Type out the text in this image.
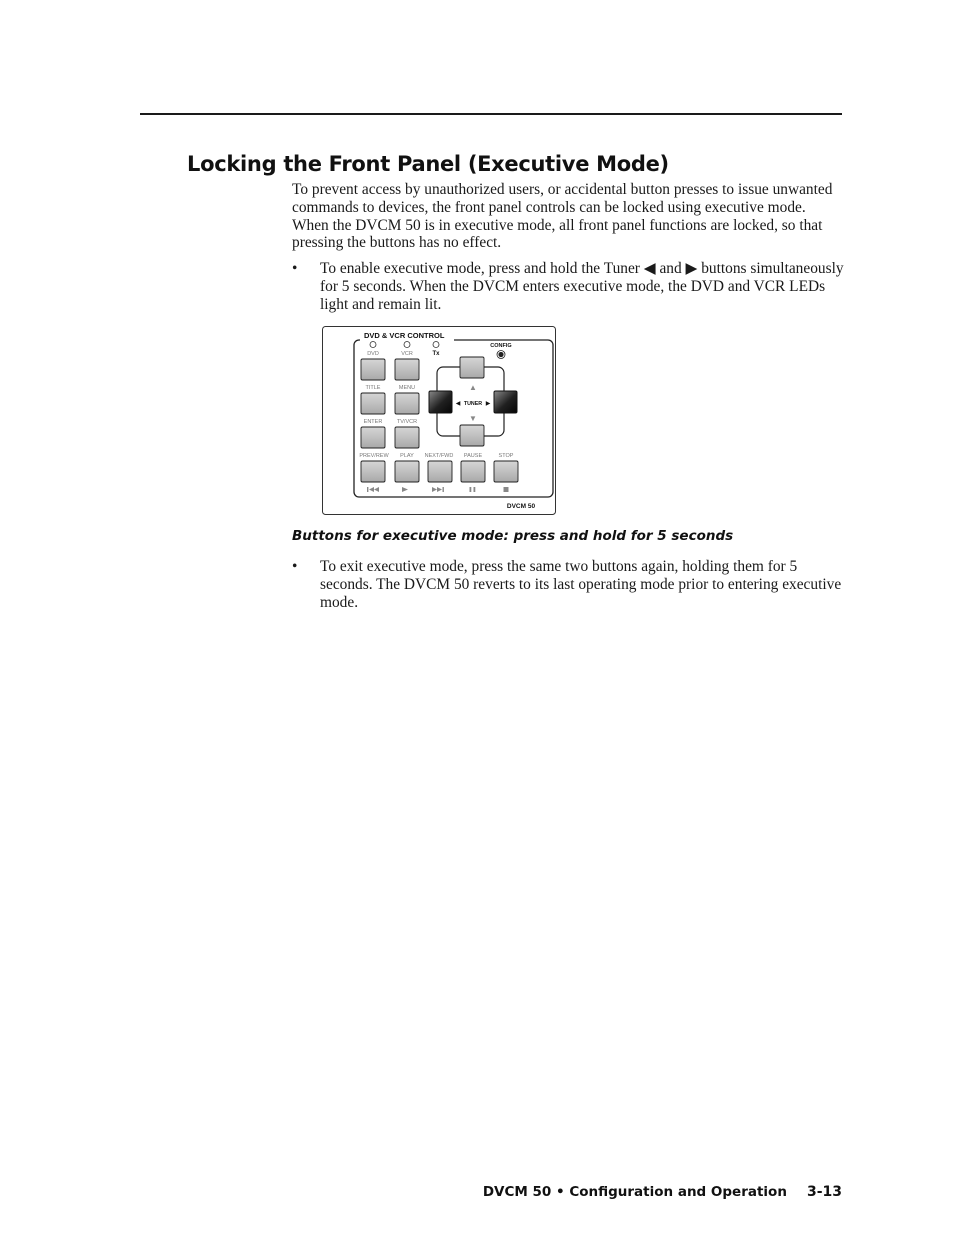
Locking the Front Panel (Executive Mode)

To prevent access by unauthorized users, or accidental button presses to issue unwanted commands to devices, the front panel controls can be locked using executive mode. When the DVCM 50 is in executive mode, all front panel functions are locked, so that pressing the buttons has no effect.

• To enable executive mode, press and hold the Tuner ◀ and ▶ buttons simultaneously for 5 seconds. When the DVCM enters executive mode, the DVD and VCR LEDs light and remain lit.
DVD & VCR CONTROL
DVD	VCR	Tx
CONFIG
TITLE	MENU
ENTER	TV/VCR
▲
◀ TUNER ▶
▼
PREV/REW PLAY NEXT/FWD PAUSE	STOP
DVCM 50

Buttons for executive mode: press and hold for 5 seconds

• To exit executive mode, press the same two buttons again, holding them for 5 seconds. The DVCM 50 reverts to its last operating mode prior to entering executive mode.
DVCM 50 • Configuration and Operation 3-13
